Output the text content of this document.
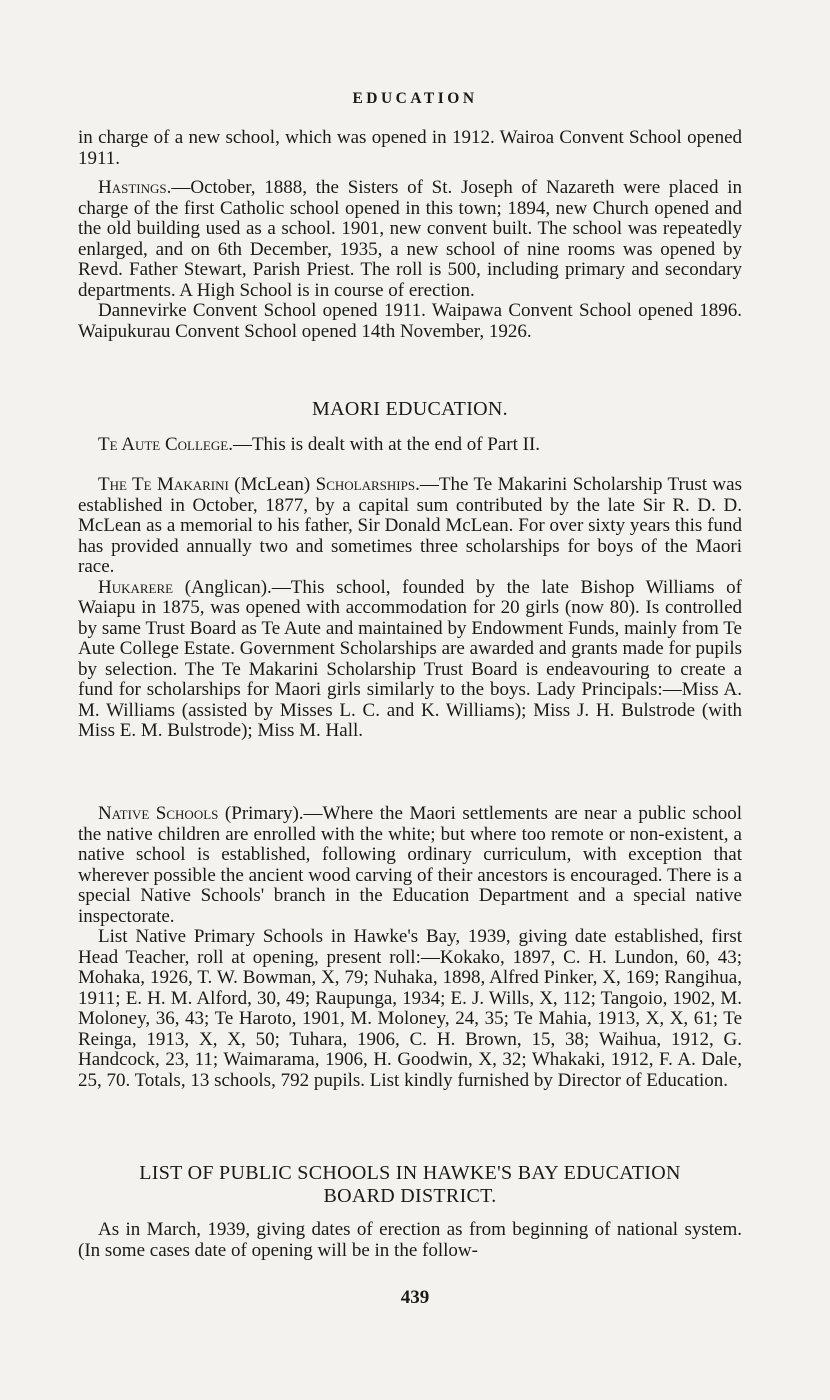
EDUCATION

in charge of a new school, which was opened in 1912. Wairoa Convent School opened 1911.

Hastings.—October, 1888, the Sisters of St. Joseph of Nazareth were placed in charge of the first Catholic school opened in this town; 1894, new Church opened and the old building used as a school. 1901, new convent built. The school was repeatedly enlarged, and on 6th December, 1935, a new school of nine rooms was opened by Revd. Father Stewart, Parish Priest. The roll is 500, including primary and secondary departments. A High School is in course of erection.

Dannevirke Convent School opened 1911. Waipawa Convent School opened 1896. Waipukurau Convent School opened 14th November, 1926.

MAORI EDUCATION.

Te Aute College.—This is dealt with at the end of Part II.

The Te Makarini (McLean) Scholarships.—The Te Makarini Scholarship Trust was established in October, 1877, by a capital sum contributed by the late Sir R. D. D. McLean as a memorial to his father, Sir Donald McLean. For over sixty years this fund has provided annually two and sometimes three scholarships for boys of the Maori race.

Hukarere (Anglican).—This school, founded by the late Bishop Williams of Waiapu in 1875, was opened with accommodation for 20 girls (now 80). Is controlled by same Trust Board as Te Aute and maintained by Endowment Funds, mainly from Te Aute College Estate. Government Scholarships are awarded and grants made for pupils by selection. The Te Makarini Scholarship Trust Board is endeavouring to create a fund for scholarships for Maori girls similarly to the boys. Lady Principals:—Miss A. M. Williams (assisted by Misses L. C. and K. Williams); Miss J. H. Bulstrode (with Miss E. M. Bulstrode); Miss M. Hall.

Native Schools (Primary).—Where the Maori settlements are near a public school the native children are enrolled with the white; but where too remote or non-existent, a native school is established, following ordinary curriculum, with exception that wherever possible the ancient wood carving of their ancestors is encouraged. There is a special Native Schools' branch in the Education Department and a special native inspectorate.

List Native Primary Schools in Hawke's Bay, 1939, giving date established, first Head Teacher, roll at opening, present roll:—Kokako, 1897, C. H. Lundon, 60, 43; Mohaka, 1926, T. W. Bowman, X, 79; Nuhaka, 1898, Alfred Pinker, X, 169; Rangihua, 1911; E. H. M. Alford, 30, 49; Raupunga, 1934; E. J. Wills, X, 112; Tangoio, 1902, M. Moloney, 36, 43; Te Haroto, 1901, M. Moloney, 24, 35; Te Mahia, 1913, X, X, 61; Te Reinga, 1913, X, X, 50; Tuhara, 1906, C. H. Brown, 15, 38; Waihua, 1912, G. Handcock, 23, 11; Waimarama, 1906, H. Goodwin, X, 32; Whakaki, 1912, F. A. Dale, 25, 70. Totals, 13 schools, 792 pupils. List kindly furnished by Director of Education.

LIST OF PUBLIC SCHOOLS IN HAWKE'S BAY EDUCATION
BOARD DISTRICT.

As in March, 1939, giving dates of erection as from beginning of national system. (In some cases date of opening will be in the follow-

439
